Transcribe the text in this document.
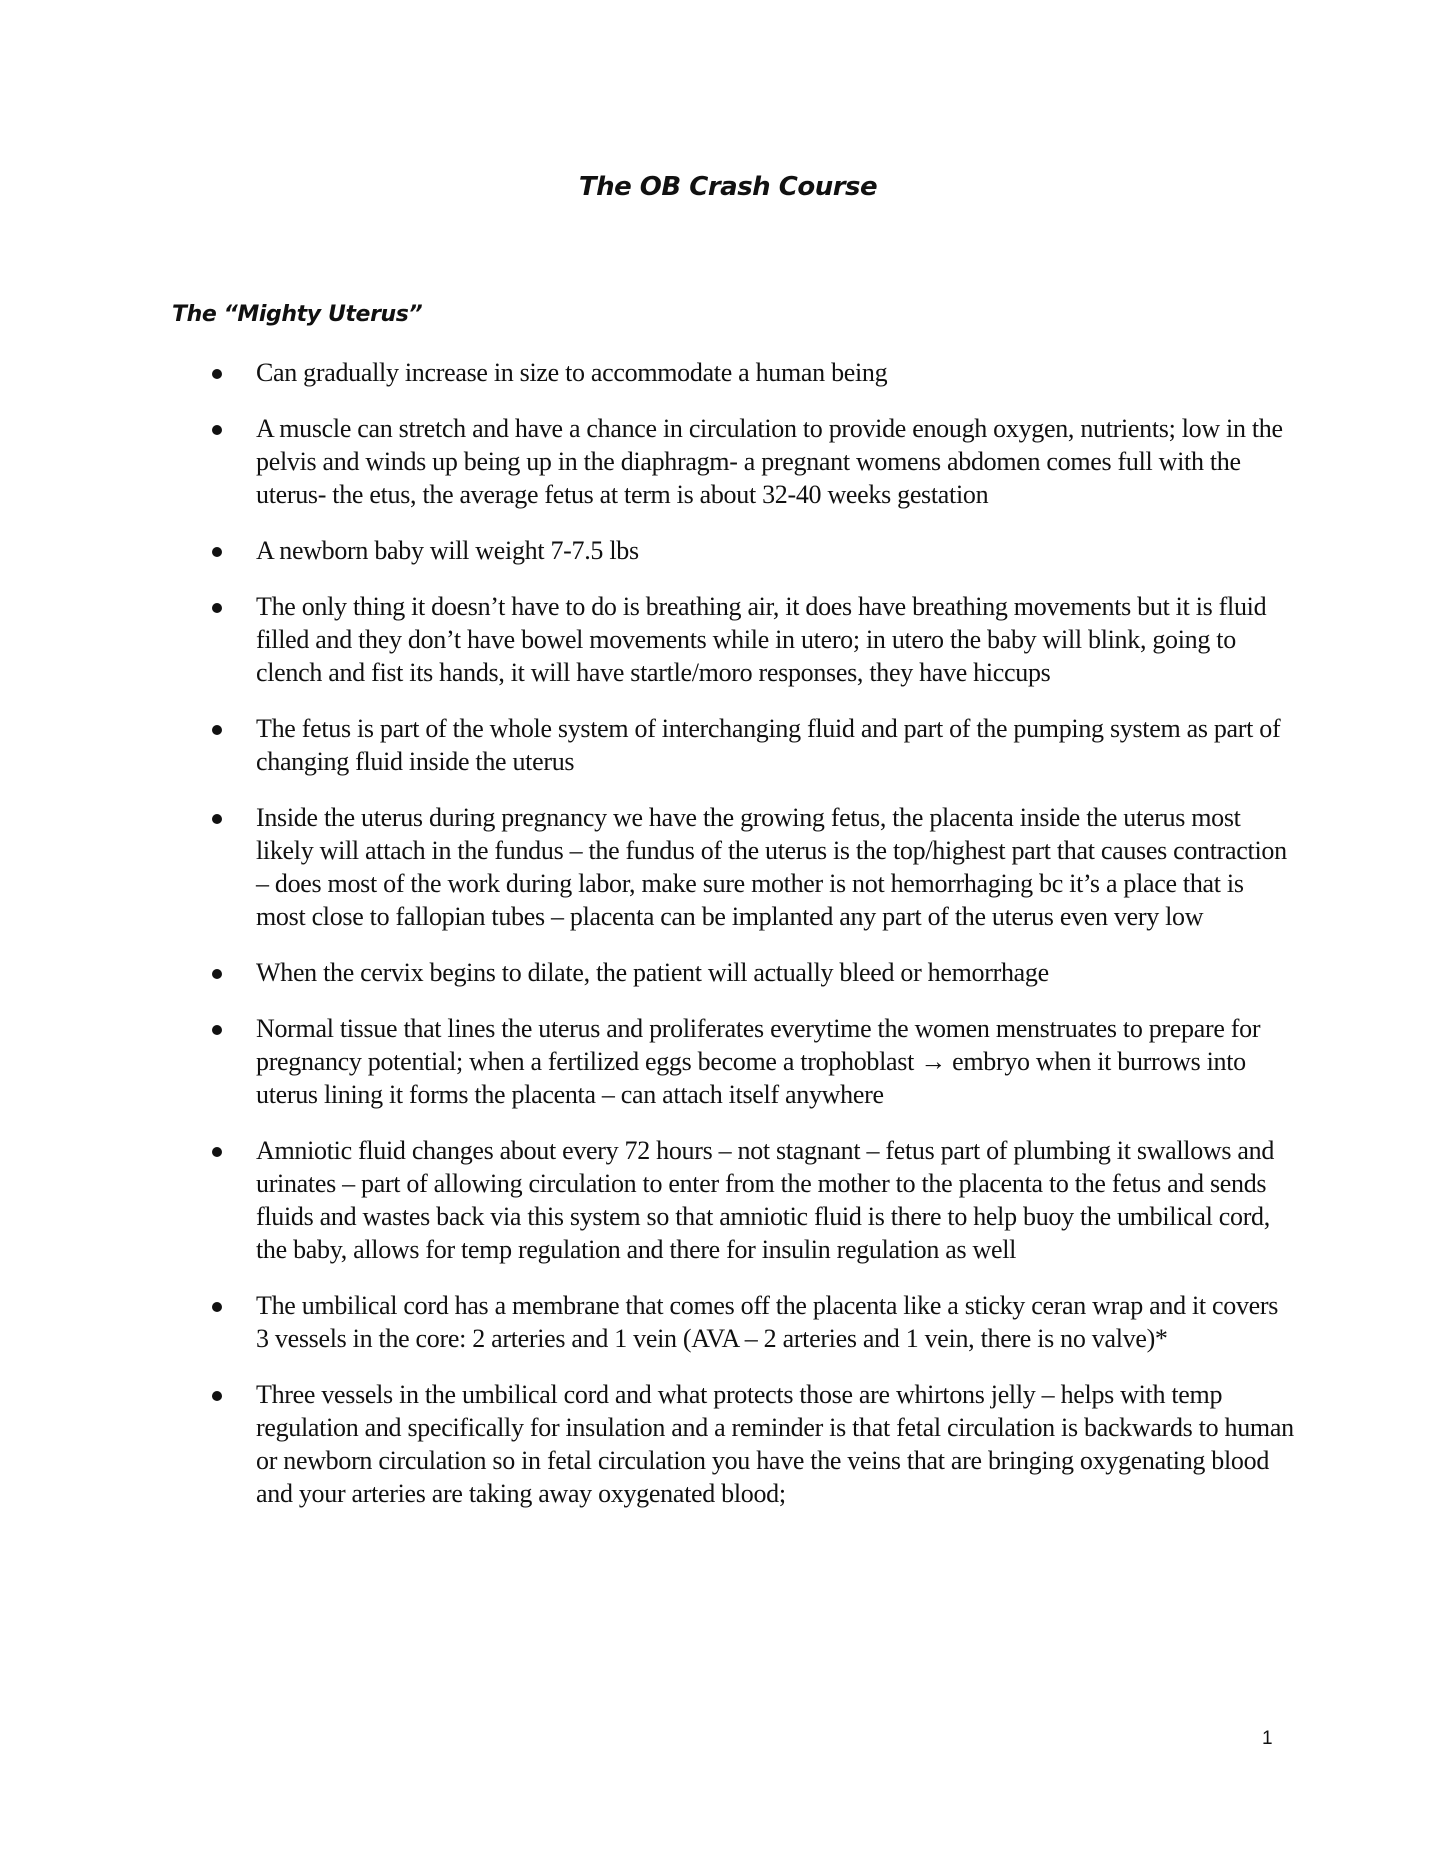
The OB Crash Course
The “Mighty Uterus”
Can gradually increase in size to accommodate a human being
A muscle can stretch and have a chance in circulation to provide enough oxygen, nutrients; low in the pelvis and winds up being up in the diaphragm- a pregnant womens abdomen comes full with the uterus- the etus, the average fetus at term is about 32-40 weeks gestation
A newborn baby will weight 7-7.5 lbs
The only thing it doesn’t have to do is breathing air, it does have breathing movements but it is fluid filled and they don’t have bowel movements while in utero; in utero the baby will blink, going to clench and fist its hands, it will have startle/moro responses, they have hiccups
The fetus is part of the whole system of interchanging fluid and part of the pumping system as part of changing fluid inside the uterus
Inside the uterus during pregnancy we have the growing fetus, the placenta inside the uterus most likely will attach in the fundus – the fundus of the uterus is the top/highest part that causes contraction – does most of the work during labor, make sure mother is not hemorrhaging bc it’s a place that is most close to fallopian tubes – placenta can be implanted any part of the uterus even very low
When the cervix begins to dilate, the patient will actually bleed or hemorrhage
Normal tissue that lines the uterus and proliferates everytime the women menstruates to prepare for pregnancy potential; when a fertilized eggs become a trophoblast → embryo when it burrows into uterus lining it forms the placenta – can attach itself anywhere
Amniotic fluid changes about every 72 hours – not stagnant – fetus part of plumbing it swallows and urinates – part of allowing circulation to enter from the mother to the placenta to the fetus and sends fluids and wastes back via this system so that amniotic fluid is there to help buoy the umbilical cord, the baby, allows for temp regulation and there for insulin regulation as well
The umbilical cord has a membrane that comes off the placenta like a sticky ceran wrap and it covers 3 vessels in the core: 2 arteries and 1 vein (AVA – 2 arteries and 1 vein, there is no valve)*
Three vessels in the umbilical cord and what protects those are whirtons jelly – helps with temp regulation and specifically for insulation and a reminder is that fetal circulation is backwards to human or newborn circulation so in fetal circulation you have the veins that are bringing oxygenating blood and your arteries are taking away oxygenated blood;
1
